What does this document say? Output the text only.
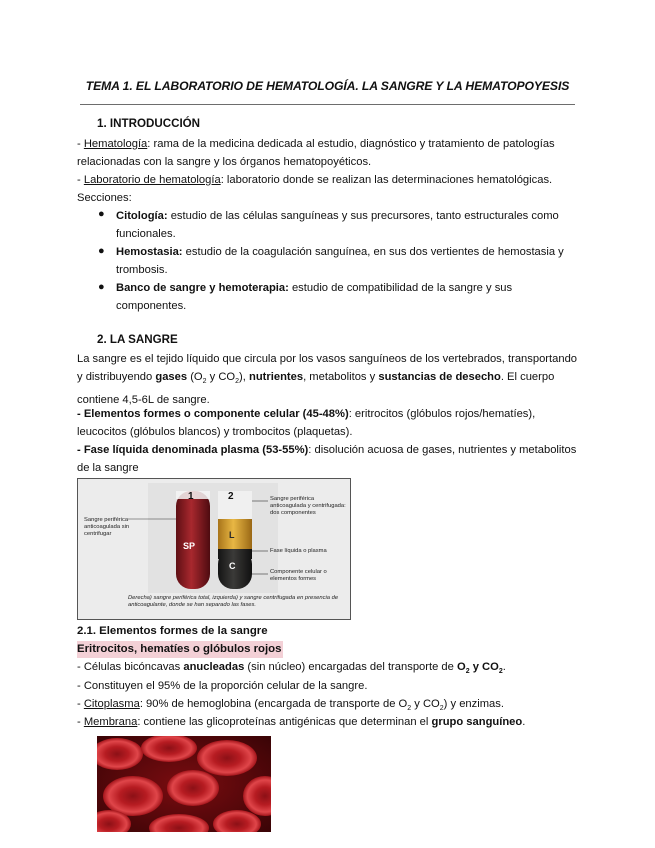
TEMA 1. EL LABORATORIO DE HEMATOLOGÍA. LA SANGRE Y LA HEMATOPOYESIS
1. INTRODUCCIÓN
- Hematología: rama de la medicina dedicada al estudio, diagnóstico y tratamiento de patologías relacionadas con la sangre y los órganos hematopoyéticos.
- Laboratorio de hematología: laboratorio donde se realizan las determinaciones hematológicas.
Secciones:
● Citología: estudio de las células sanguíneas y sus precursores, tanto estructurales como funcionales.
● Hemostasia: estudio de la coagulación sanguínea, en sus dos vertientes de hemostasia y trombosis.
● Banco de sangre y hemoterapia: estudio de compatibilidad de la sangre y sus componentes.
2. LA SANGRE
La sangre es el tejido líquido que circula por los vasos sanguíneos de los vertebrados, transportando y distribuyendo gases ($O_2$ y $CO_2$), nutrientes, metabolitos y sustancias de desecho. El cuerpo contiene 4,5-6L de sangre.
- Elementos formes o componente celular (45-48%): eritrocitos (glóbulos rojos/hematíes), leucocitos (glóbulos blancos) y trombocitos (plaquetas).
- Fase líquida denominada plasma (53-55%): disolución acuosa de gases, nutrientes y metabolitos de la sangre
1	2
SP
L
C
Sangre periférica anticoagulada sin centrifugar
Sangre periférica anticoagulada y centrifugada: dos componentes
Fase líquida o plasma
Componente celular o elementos formes
Derecha) sangre periférica total, izquierda) y sangre centrifugada en presencia de anticoagulante, donde se han separado las fases.
2.1. Elementos formes de la sangre
Eritrocitos, hematíes o glóbulos rojos
- Células bicóncavas anucleadas (sin núcleo) encargadas del transporte de $O_2$ y $CO_2$.
- Constituyen el 95% de la proporción celular de la sangre.
- Citoplasma: 90% de hemoglobina (encargada de transporte de $O_2$ y $CO_2$) y enzimas.
- Membrana: contiene las glicoproteínas antigénicas que determinan el grupo sanguíneo.
